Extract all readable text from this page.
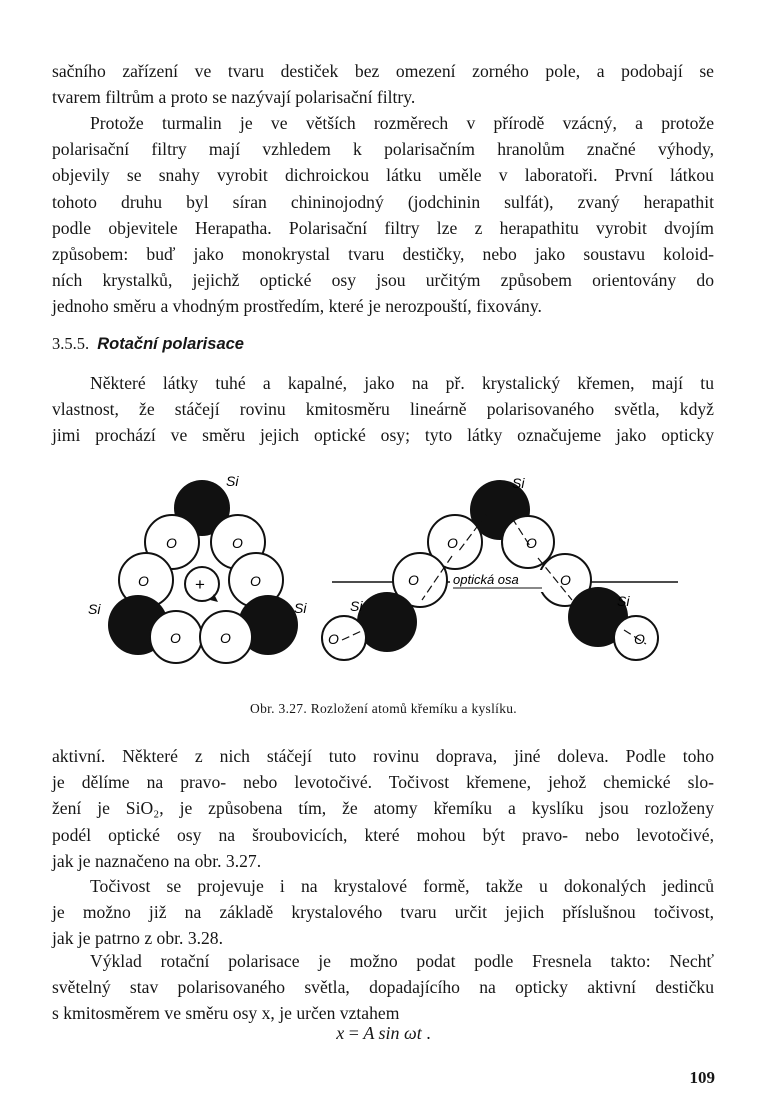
sačního zařízení ve tvaru destiček bez omezení zorného pole, a podobají se
tvarem filtrům a proto se nazývají polarisační filtry.
Protože turmalin je ve větších rozměrech v přírodě vzácný, a protože
polarisační filtry mají vzhledem k polarisačním hranolům značné výhody,
objevily se snahy vyrobit dichroickou látku uměle v laboratoři. První látkou
tohoto druhu byl síran chininojodný (jodchinin sulfát), zvaný herapathit
podle objevitele Herapatha. Polarisační filtry lze z herapathitu vyrobit dvojím
způsobem: buď jako monokrystal tvaru destičky, nebo jako soustavu koloid-
ních krystalků, jejichž optické osy jsou určitým způsobem orientovány do
jednoho směru a vhodným prostředím, které je nerozpouští, fixovány.
3.5.5. Rotační polarisace
Některé látky tuhé a kapalné, jako na př. krystalický křemen, mají tu
vlastnost, že stáčejí rovinu kmitosměru lineárně polarisovaného světla, když
jimi prochází ve směru jejich optické osy; tyto látky označujeme jako opticky
Si
O	O
O	O
+
Si	Si
O	O
Si
O	O
O	O
Si
O
Si
O
optická osa
Obr. 3.27. Rozložení atomů křemíku a kyslíku.
aktivní. Některé z nich stáčejí tuto rovinu doprava, jiné doleva. Podle toho
je dělíme na pravo- nebo levotočivé. Točivost křemene, jehož chemické slo-
žení je SiO₂, je způsobena tím, že atomy křemíku a kyslíku jsou rozloženy
podél optické osy na šroubovicích, které mohou být pravo- nebo levotočivé,
jak je naznačeno na obr. 3.27.
Točivost se projevuje i na krystalové formě, takže u dokonalých jedinců
je možno již na základě krystalového tvaru určit jejich příslušnou točivost,
jak je patrno z obr. 3.28.
Výklad rotační polarisace je možno podat podle Fresnela takto: Nechť
světelný stav polarisovaného světla, dopadajícího na opticky aktivní destičku
s kmitosměrem ve směru osy x, je určen vztahem
x = A sin ωt .
109
